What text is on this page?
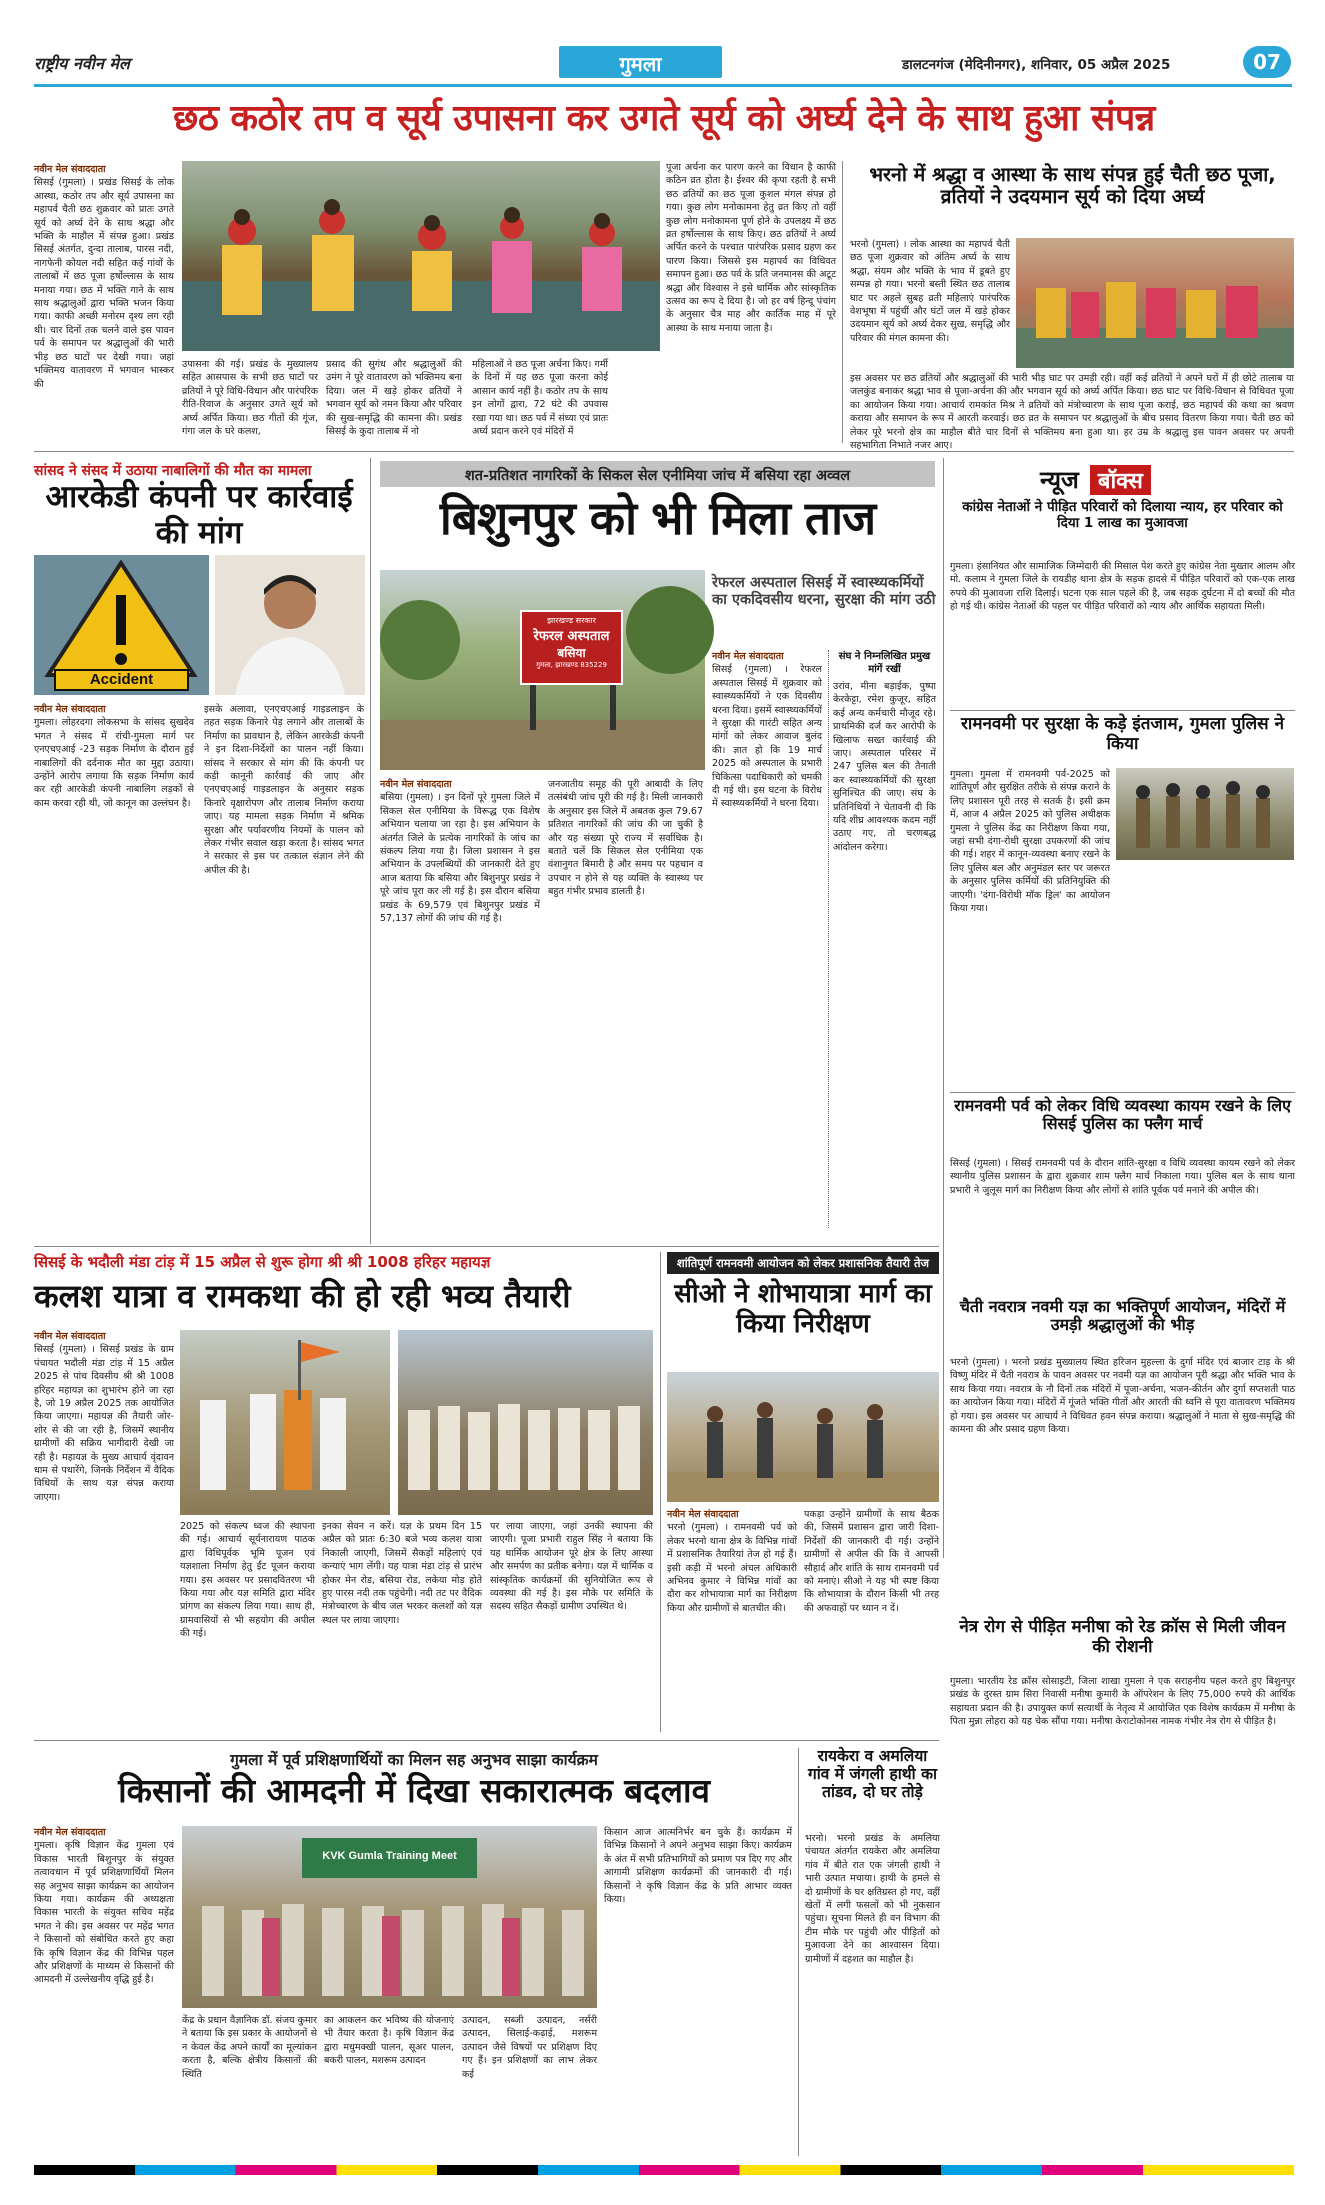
राष्ट्रीय नवीन मेल	गुमला	डालटनगंज (मेदिनीनगर), शनिवार, 05 अप्रैल 2025	07
छठ कठोर तप व सूर्य उपासना कर उगते सूर्य को अर्घ्य देने के साथ हुआ संपन्न
नवीन मेल संवाददाता
सिसई (गुमला) । प्रखंड सिसई के लोक आस्था, कठोर तप और सूर्य उपासना का महापर्व चैती छठ शुक्रवार को प्रातः उगते सूर्य को अर्घ्य देने के साथ श्रद्धा और भक्ति के माहौल में संपन्न हुआ। प्रखंड सिसई अंतर्गत, दुन्दा तालाब, पारस नदी, नागफेनी कोयल नदी सहित कई गांवों के तालाबों में छठ पूजा हर्षोल्लास के साथ मनाया गया। छठ में भक्ति गाने के साथ साथ श्रद्धालुओं द्वारा भक्ति भजन किया गया। काफी अच्छी मनोरम दृश्य लग रही थी। चार दिनों तक चलने वाले इस पावन पर्व के समापन पर श्रद्धालुओं की भारी भीड़ छठ घाटों पर देखी गया। जहां भक्तिमय वातावरण में भगवान भास्कर की
उपासना की गई। प्रखंड के मुख्यालय सहित आसपास के सभी छठ घाटों पर व्रतियों ने पूरे विधि-विधान और पारंपरिक रीति-रिवाज के अनुसार उगते सूर्य को अर्घ्य अर्पित किया। छठ गीतों की गूंज, गंगा जल के घरे कलश,
प्रसाद की सुगंध और श्रद्धालुओं की उमंग ने पूरे वातावरण को भक्तिमय बना दिया। जल में खड़े होकर व्रतियों ने भगवान सूर्य को नमन किया और परिवार की सुख-समृद्धि की कामना की। प्रखंड सिसई के कुदा तालाब में नो
महिलाओं ने छठ पूजा अर्चना किए। गर्मी के दिनों में यह छठ पूजा करना कोई आसान कार्य नहीं है। कठोर तप के साथ इन लोगों द्वारा, 72 घंटे की उपवास रखा गया था। छठ पर्व में संध्या एवं प्रातः अर्घ्य प्रदान करने एवं मंदिरों में
पूजा अर्चना कर पारण करने का विधान है काफी कठिन व्रत होता है। ईश्वर की कृपा रहती है सभी छठ व्रतियों का छठ पूजा कुशल मंगल संपन्न हो गया। कुछ लोग मनोकामना हेतु व्रत किए तो वहीं कुछ लोग मनोकामना पूर्ण होने के उपलक्ष्य में छठ व्रत हर्षोल्लास के साथ किए। छठ व्रतियों ने अर्घ्य अर्पित करने के पश्चात पारंपरिक प्रसाद ग्रहण कर पारण किया। जिससे इस महापर्व का विधिवत समापन हुआ। छठ पर्व के प्रति जनमानस की अटूट श्रद्धा और विश्वास ने इसे धार्मिक और सांस्कृतिक उत्सव का रूप दे दिया है। जो हर वर्ष हिन्दू पंचांग के अनुसार चैत्र माह और कार्तिक माह में पूरे आस्था के साथ मनाया जाता है।
भरनो में श्रद्धा व आस्था के साथ संपन्न हुई चैती छठ पूजा, व्रतियों ने उदयमान सूर्य को दिया अर्घ्य
भरनो (गुमला) । लोक आस्था का महापर्व चैती छठ पूजा शुक्रवार को अंतिम अर्घ्य के साथ श्रद्धा, संयम और भक्ति के भाव में डूबते हुए सम्पन्न हो गया। भरनो बस्ती स्थित छठ तालाब घाट पर अहले सुबह व्रती महिलाएं पारंपरिक वेशभूषा में पहुंचीं और घंटों जल में खड़े होकर उदयमान सूर्य को अर्घ्य देकर सुख, समृद्धि और परिवार की मंगल कामना की।
इस अवसर पर छठ व्रतियों और श्रद्धालुओं की भारी भीड़ घाट पर उमड़ी रही। वहीं कई व्रतियों ने अपने घरों में ही छोटे तालाब या जलकुंड बनाकर श्रद्धा भाव से पूजा-अर्चना की और भगवान सूर्य को अर्घ्य अर्पित किया। छठ घाट पर विधि-विधान से विधिवत पूजा का आयोजन किया गया। आचार्य रामकांत मिश्र ने व्रतियों को मंत्रोच्चारण के साथ पूजा कराई, छठ महापर्व की कथा का श्रवण कराया और समापन के रूप में आरती करवाई। छठ व्रत के समापन पर श्रद्धालुओं के बीच प्रसाद वितरण किया गया। चैती छठ को लेकर पूरे भरनो क्षेत्र का माहौल बीते चार दिनों से भक्तिमय बना हुआ था। हर उम्र के श्रद्धालु इस पावन अवसर पर अपनी सहभागिता निभाते नजर आए।
सांसद ने संसद में उठाया नाबालिगों की मौत का मामला
आरकेडी कंपनी पर कार्रवाई की मांग
Accident
नवीन मेल संवाददाता
गुमला। लोहरदगा लोकसभा के सांसद सुखदेव भगत ने संसद में रांची-गुमला मार्ग पर एनएचएआई -23 सड़क निर्माण के दौरान हुई नाबालिगों की दर्दनाक मौत का मुद्दा उठाया। उन्होंने आरोप लगाया कि सड़क निर्माण कार्य कर रही आरकेडी कंपनी नाबालिग लड़कों से काम करवा रही थी, जो कानून का उल्लंघन है।
इसके अलावा, एनएचएआई गाइडलाइन के तहत सड़क किनारे पेड़ लगाने और तालाबों के निर्माण का प्रावधान है, लेकिन आरकेडी कंपनी ने इन दिशा-निर्देशों का पालन नहीं किया। सांसद ने सरकार से मांग की कि कंपनी पर कड़ी कानूनी कार्रवाई की जाए और एनएचएआई गाइडलाइन के अनुसार सड़क किनारे वृक्षारोपण और तालाब निर्माण कराया जाए। यह मामला सड़क निर्माण में श्रमिक सुरक्षा और पर्यावरणीय नियमों के पालन को लेकर गंभीर सवाल खड़ा करता है। सांसद भगत ने सरकार से इस पर तत्काल संज्ञान लेने की अपील की है।
शत-प्रतिशत नागरिकों के सिकल सेल एनीमिया जांच में बसिया रहा अव्वल
बिशुनपुर को भी मिला ताज
झारखण्ड सरकार
रेफरल अस्पताल
बसिया
गुमला, झारखण्ड 835229
नवीन मेल संवाददाता
बसिया (गुमला) । इन दिनों पूरे गुमला जिले में सिकल सेल एनीमिया के विरूद्ध एक विशेष अभियान चलाया जा रहा है। इस अभियान के अंतर्गत जिले के प्रत्येक नागरिकों के जांच का संकल्प लिया गया है। जिला प्रशासन ने इस अभियान के उपलब्धियों की जानकारी देते हुए आज बताया कि बसिया और बिशुनपुर प्रखंड ने पूरे जांच पूरा कर ली गई है। इस दौरान बसिया प्रखंड के 69,579 एवं बिशुनपुर प्रखंड में 57,137 लोगों की जांच की गई है।
जनजातीय समूह की पूरी आबादी के लिए तत्संबंधी जांच पूरी की गई है। मिली जानकारी के अनुसार इस जिले में अबतक कुल 79.67 प्रतिशत नागरिकों की जांच की जा चुकी है और यह संख्या पूरे राज्य में सर्वाधिक है। बताते चलें कि सिकल सेल एनीमिया एक वंशानुगत बिमारी है और समय पर पहचान व उपचार न होने से यह व्यक्ति के स्वास्थ्य पर बहुत गंभीर प्रभाव डालती है।
रेफरल अस्पताल सिसई में स्वास्थ्यकर्मियों का एकदिवसीय धरना, सुरक्षा की मांग उठी
नवीन मेल संवाददाता
सिसई (गुमला) । रेफरल अस्पताल सिसई में शुक्रवार को स्वास्थ्यकर्मियों ने एक दिवसीय धरना दिया। इसमें स्वास्थ्यकर्मियों ने सुरक्षा की गारंटी सहित अन्य मांगों को लेकर आवाज बुलंद की। ज्ञात हो कि 19 मार्च 2025 को अस्पताल के प्रभारी चिकित्सा पदाधिकारी को धमकी दी गई थी। इस घटना के विरोध में स्वास्थ्यकर्मियों ने धरना दिया।
संघ ने निम्नलिखित प्रमुख मांगें रखीं
उरांव, मीना बड़ाईक, पुष्पा केरकेट्टा, रमेश कुजूर, सहित कई अन्य कर्मचारी मौजूद रहे। प्राथमिकी दर्ज कर आरोपी के खिलाफ सख्त कार्रवाई की जाए। अस्पताल परिसर में 247 पुलिस बल की तैनाती कर स्वास्थ्यकर्मियों की सुरक्षा सुनिश्चित की जाए। संघ के प्रतिनिधियों ने चेतावनी दी कि यदि शीघ्र आवश्यक कदम नहीं उठाए गए, तो चरणबद्ध आंदोलन करेगा।
न्यूज बॉक्स
कांग्रेस नेताओं ने पीड़ित परिवारों को दिलाया न्याय, हर परिवार को दिया 1 लाख का मुआवजा
गुमला। हंसानियत और सामाजिक जिम्मेदारी की मिसाल पेश करते हुए कांग्रेस नेता मुख्तार आलम और मो. कलाम ने गुमला जिले के रायडीह थाना क्षेत्र के सड़क हादसे में पीड़ित परिवारों को एक-एक लाख रुपये की मुआवजा राशि दिलाई। घटना एक साल पहले की है, जब सड़क दुर्घटना में दो बच्चों की मौत हो गई थी। कांग्रेस नेताओं की पहल पर पीड़ित परिवारों को न्याय और आर्थिक सहायता मिली।
रामनवमी पर सुरक्षा के कड़े इंतजाम, गुमला पुलिस ने किया
गुमला। गुमला में रामनवमी पर्व-2025 को शांतिपूर्ण और सुरक्षित तरीके से संपन्न कराने के लिए प्रशासन पूरी तरह से सतर्क है। इसी क्रम में, आज 4 अप्रैल 2025 को पुलिस अधीक्षक गुमला ने पुलिस केंद्र का निरीक्षण किया गया, जहां सभी दंगा-रोधी सुरक्षा उपकरणों की जांच की गई। शहर में कानून-व्यवस्था बनाए रखने के लिए पुलिस बल और अनुमंडल स्तर पर जरूरत के अनुसार पुलिस कर्मियों की प्रतिनियुक्ति की जाएगी। 'दंगा-विरोधी मॉक ड्रिल' का आयोजन किया गया।
रामनवमी पर्व को लेकर विधि व्यवस्था कायम रखने के लिए सिसई पुलिस का फ्लैग मार्च
सिसई (गुमला) । सिसई रामनवमी पर्व के दौरान शांति-सुरक्षा व विधि व्यवस्था कायम रखने को लेकर स्थानीय पुलिस प्रशासन के द्वारा शुक्रवार शाम फ्लैग मार्च निकाला गया। पुलिस बल के साथ थाना प्रभारी ने जुलूस मार्ग का निरीक्षण किया और लोगों से शांति पूर्वक पर्व मनाने की अपील की।
चैती नवरात्र नवमी यज्ञ का भक्तिपूर्ण आयोजन, मंदिरों में उमड़ी श्रद्धालुओं की भीड़
भरनो (गुमला) । भरनो प्रखंड मुख्यालय स्थित हरिजन मुहल्ला के दुर्गा मंदिर एवं बाजार टाड़ के श्री विष्णु मंदिर में चैती नवरात्र के पावन अवसर पर नवमी यज्ञ का आयोजन पूरी श्रद्धा और भक्ति भाव के साथ किया गया। नवरात्र के नौ दिनों तक मंदिरों में पूजा-अर्चना, भजन-कीर्तन और दुर्गा सप्तशती पाठ का आयोजन किया गया। मंदिरों में गूंजते भक्ति गीतों और आरती की ध्वनि से पूरा वातावरण भक्तिमय हो गया। इस अवसर पर आचार्य ने विधिवत हवन संपन्न कराया। श्रद्धालुओं ने माता से सुख-समृद्धि की कामना की और प्रसाद ग्रहण किया।
नेत्र रोग से पीड़ित मनीषा को रेड क्रॉस से मिली जीवन की रोशनी
गुमला। भारतीय रेड क्रॉस सोसाइटी, जिला शाखा गुमला ने एक सराहनीय पहल करते हुए बिशुनपुर प्रखंड के दुरस्त ग्राम सिरा निवासी मनीषा कुमारी के ऑपरेशन के लिए 75,000 रुपये की आर्थिक सहायता प्रदान की है। उपायुक्त कर्ण सत्यार्थी के नेतृत्व में आयोजित एक विशेष कार्यक्रम में मनीषा के पिता मुन्ना लोहरा को यह चेक सौंपा गया। मनीषा केराटोकोनस नामक गंभीर नेत्र रोग से पीड़ित है।
सिसई के भदौली मंडा टांड़ में 15 अप्रैल से शुरू होगा श्री श्री 1008 हरिहर महायज्ञ
कलश यात्रा व रामकथा की हो रही भव्य तैयारी
नवीन मेल संवाददाता
सिसई (गुमला) । सिसई प्रखंड के ग्राम पंचायत भदौली मंडा टांड़ में 15 अप्रैल 2025 से पांच दिवसीय श्री श्री 1008 हरिहर महायज्ञ का शुभारंभ होने जा रहा है, जो 19 अप्रैल 2025 तक आयोजित किया जाएगा। महायज्ञ की तैयारी जोर-शोर से की जा रही है, जिसमें स्थानीय ग्रामीणों की सक्रिय भागीदारी देखी जा रही है। महायज्ञ के मुख्य आचार्य वृंदावन धाम से पधारेंगे, जिनके निर्देशन में वैदिक विधियों के साथ यज्ञ संपन्न कराया जाएगा।
2025 को संकल्प ध्वज की स्थापना की गई। आचार्य सूर्यनारायण पाठक द्वारा विधिपूर्वक भूमि पूजन एवं यज्ञशाला निर्माण हेतु ईंट पूजन कराया गया। इस अवसर पर प्रसादवितरण भी किया गया और यज्ञ समिति द्वारा मंदिर प्रांगण का संकल्प लिया गया। साथ ही, ग्रामवासियों से भी सहयोग की अपील की गई।
इनका सेवन न करें। यज्ञ के प्रथम दिन 15 अप्रैल को प्रातः 6:30 बजे भव्य कलश यात्रा निकाली जाएगी, जिसमें सैकड़ों महिलाएं एवं कन्याएं भाग लेंगी। यह यात्रा मंडा टांड़ से प्रारंभ होकर मेन रोड, बसिया रोड, लकेया मोड़ होते हुए पारस नदी तक पहुंचेगी। नदी तट पर वैदिक मंत्रोच्चारण के बीच जल भरकर कलशों को यज्ञ स्थल पर लाया जाएगा।
पर लाया जाएगा, जहां उनकी स्थापना की जाएगी। पूजा प्रभारी राहुल सिंह ने बताया कि यह धार्मिक आयोजन पूरे क्षेत्र के लिए आस्था और समर्पण का प्रतीक बनेगा। यज्ञ में धार्मिक व सांस्कृतिक कार्यक्रमों की सुनियोजित रूप से व्यवस्था की गई है। इस मौके पर समिति के सदस्य सहित सैकड़ों ग्रामीण उपस्थित थे।
शांतिपूर्ण रामनवमी आयोजन को लेकर प्रशासनिक तैयारी तेज
सीओ ने शोभायात्रा मार्ग का किया निरीक्षण
नवीन मेल संवाददाता
भरनो (गुमला) । रामनवमी पर्व को लेकर भरनो थाना क्षेत्र के विभिन्न गांवों में प्रशासनिक तैयारियां तेज हो गई हैं। इसी कड़ी में भरनो अंचल अधिकारी अभिनव कुमार ने विभिन्न गांवों का दौरा कर शोभायात्रा मार्ग का निरीक्षण किया और ग्रामीणों से बातचीत की।
पकड़ा उन्होंने ग्रामीणों के साथ बैठक की, जिसमें प्रशासन द्वारा जारी दिशा-निर्देशों की जानकारी दी गई। उन्होंने ग्रामीणों से अपील की कि वे आपसी सौहार्द और शांति के साथ रामनवमी पर्व को मनाएं। सीओ ने यह भी स्पष्ट किया कि शोभायात्रा के दौरान किसी भी तरह की अफवाहों पर ध्यान न दें।
गुमला में पूर्व प्रशिक्षणार्थियों का मिलन सह अनुभव साझा कार्यक्रम
किसानों की आमदनी में दिखा सकारात्मक बदलाव
नवीन मेल संवाददाता
गुमला। कृषि विज्ञान केंद्र गुमला एवं विकास भारती बिशुनपुर के संयुक्त तत्वावधान में पूर्व प्रशिक्षणार्थियों मिलन सह अनुभव साझा कार्यक्रम का आयोजन किया गया। कार्यक्रम की अध्यक्षता विकास भारती के संयुक्त सचिव महेंद्र भगत ने की। इस अवसर पर महेंद्र भगत ने किसानों को संबोधित करते हुए कहा कि कृषि विज्ञान केंद्र की विभिन्न पहल और प्रशिक्षणों के माध्यम से किसानों की आमदनी में उल्लेखनीय वृद्धि हुई है।
KVK Gumla Training Meet
केंद्र के प्रधान वैज्ञानिक डॉ. संजय कुमार ने बताया कि इस प्रकार के आयोजनों से न केवल केंद्र अपने कार्यों का मूल्यांकन करता है, बल्कि क्षेत्रीय किसानों की स्थिति
का आकलन कर भविष्य की योजनाएं भी तैयार करता है। कृषि विज्ञान केंद्र द्वारा मधुमक्खी पालन, सूअर पालन, बकरी पालन, मशरूम उत्पादन
उत्पादन, सब्जी उत्पादन, नर्सरी उत्पादन, सिलाई-कढ़ाई, मशरूम उत्पादन जैसे विषयों पर प्रशिक्षण दिए गए हैं। इन प्रशिक्षणों का लाभ लेकर कई
किसान आज आत्मनिर्भर बन चुके हैं। कार्यक्रम में विभिन्न किसानों ने अपने अनुभव साझा किए। कार्यक्रम के अंत में सभी प्रतिभागियों को प्रमाण पत्र दिए गए और आगामी प्रशिक्षण कार्यक्रमों की जानकारी दी गई। किसानों ने कृषि विज्ञान केंद्र के प्रति आभार व्यक्त किया।
रायकेरा व अमलिया गांव में जंगली हाथी का तांडव, दो घर तोड़े
भरनो। भरनो प्रखंड के अमलिया पंचायत अंतर्गत रायकेरा और अमलिया गांव में बीते रात एक जंगली हाथी ने भारी उत्पात मचाया। हाथी के हमले से दो ग्रामीणों के घर क्षतिग्रस्त हो गए, वहीं खेतों में लगी फसलों को भी नुकसान पहुंचा। सूचना मिलते ही वन विभाग की टीम मौके पर पहुंची और पीड़ितों को मुआवजा देने का आश्वासन दिया। ग्रामीणों में दहशत का माहौल है।
